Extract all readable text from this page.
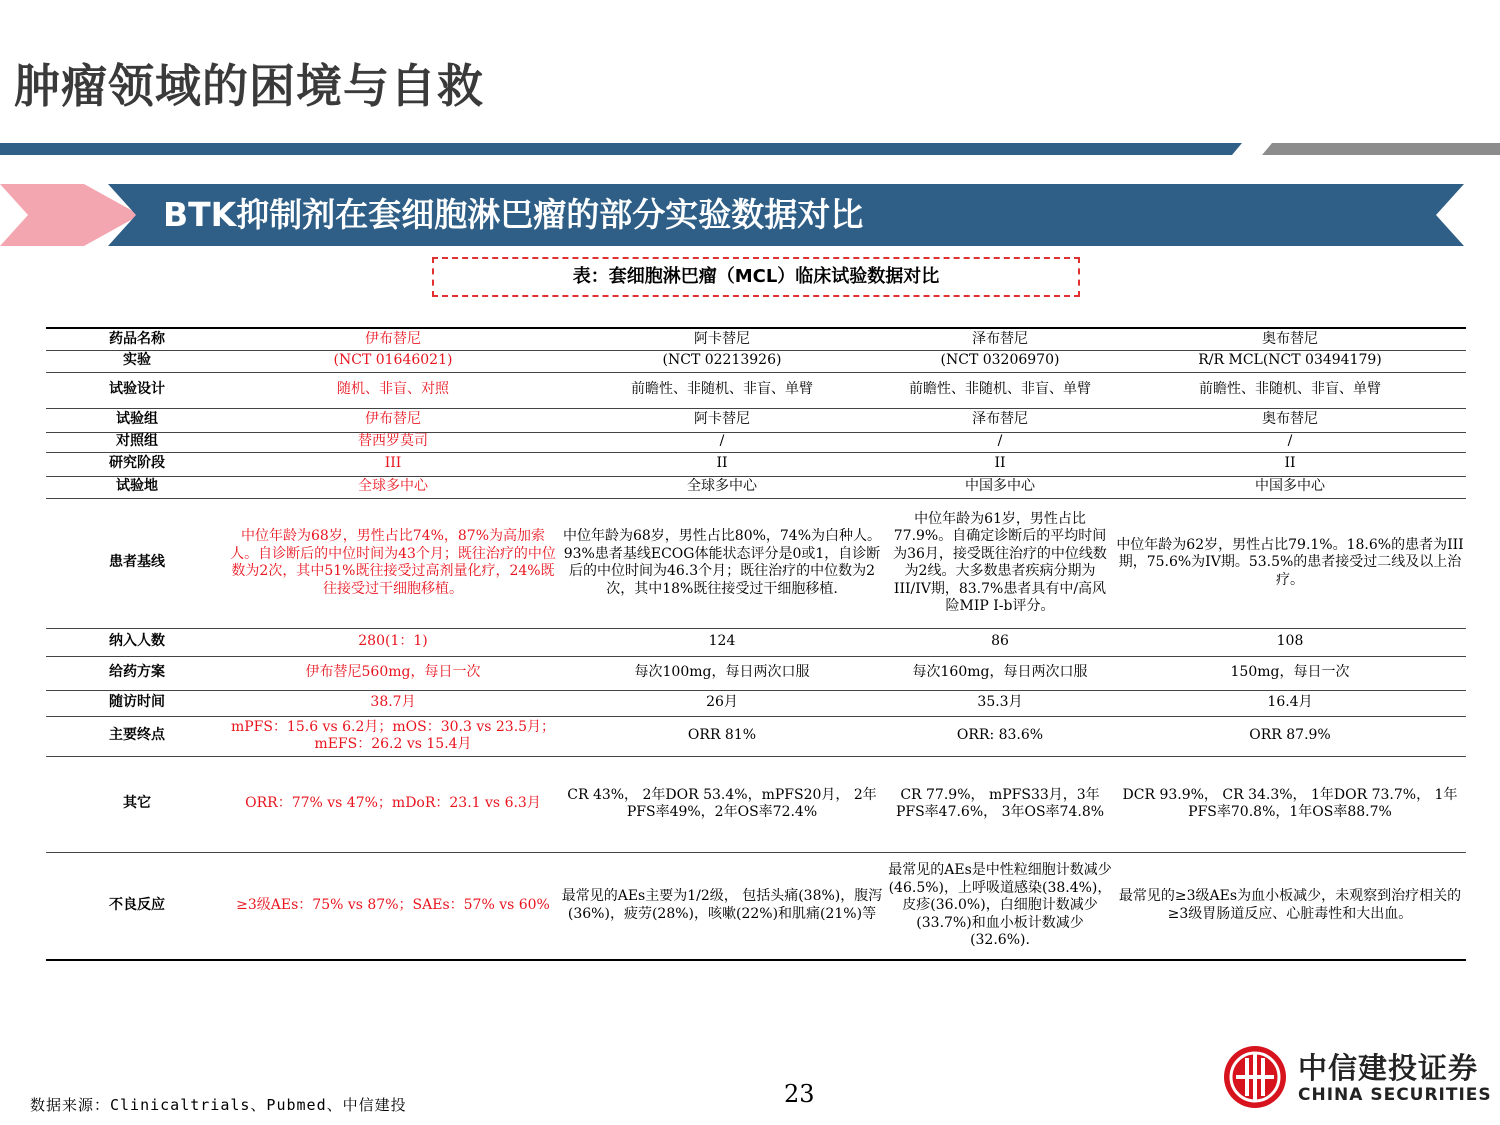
肿瘤领域的困境与自救
BTK抑制剂在套细胞淋巴瘤的部分实验数据对比
表：套细胞淋巴瘤（MCL）临床试验数据对比
药品名称	伊布替尼	阿卡替尼	泽布替尼	奥布替尼
实验	(NCT 01646021)	(NCT 02213926)	(NCT 03206970)	R/R MCL(NCT 03494179)
试验设计	随机、非盲、对照	前瞻性、非随机、非盲、单臂	前瞻性、非随机、非盲、单臂	前瞻性、非随机、非盲、单臂
试验组	伊布替尼	阿卡替尼	泽布替尼	奥布替尼
对照组	替西罗莫司	/	/	/
研究阶段	III	II	II	II
试验地	全球多中心	全球多中心	中国多中心	中国多中心
患者基线	中位年龄为68岁，男性占比74%，87%为高加索人。自诊断后的中位时间为43个月；既往治疗的中位数为2次，其中51%既往接受过高剂量化疗，24%既往接受过干细胞移植。	中位年龄为68岁，男性占比80%，74%为白种人。93%患者基线ECOG体能状态评分是0或1，自诊断后的中位时间为46.3个月；既往治疗的中位数为2次，其中18%既往接受过干细胞移植.	中位年龄为61岁，男性占比77.9%。自确定诊断后的平均时间为36月，接受既往治疗的中位线数为2线。大多数患者疾病分期为III/IV期，83.7%患者具有中/高风险MIP I-b评分。	中位年龄为62岁，男性占比79.1%。18.6%的患者为III期，75.6%为IV期。53.5%的患者接受过二线及以上治疗。
纳入人数	280(1：1)	124	86	108
给药方案	伊布替尼560mg，每日一次	每次100mg，每日两次口服	每次160mg，每日两次口服	150mg，每日一次
随访时间	38.7月	26月	35.3月	16.4月
主要终点	mPFS：15.6 vs 6.2月；mOS：30.3 vs 23.5月；mEFS：26.2 vs 15.4月	ORR 81%	ORR: 83.6%	ORR 87.9%
其它	ORR：77% vs 47%；mDoR：23.1 vs 6.3月	CR 43%， 2年DOR 53.4%，mPFS20月， 2年PFS率49%，2年OS率72.4%	CR 77.9%， mPFS33月，3年PFS率47.6%， 3年OS率74.8%	DCR 93.9%， CR 34.3%， 1年DOR 73.7%， 1年PFS率70.8%，1年OS率88.7%
不良反应	≥3级AEs：75% vs 87%；SAEs：57% vs 60%	最常见的AEs主要为1/2级， 包括头痛(38%)，腹泻(36%)，疲劳(28%)，咳嗽(22%)和肌痛(21%)等	最常见的AEs是中性粒细胞计数减少(46.5%)，上呼吸道感染(38.4%)，皮疹(36.0%)，白细胞计数减少(33.7%)和血小板计数减少(32.6%).	最常见的≥3级AEs为血小板减少，未观察到治疗相关的≥3级胃肠道反应、心脏毒性和大出血。
数据来源：Clinicaltrials、Pubmed、中信建投	23
中信建投证券
CHINA SECURITIES
